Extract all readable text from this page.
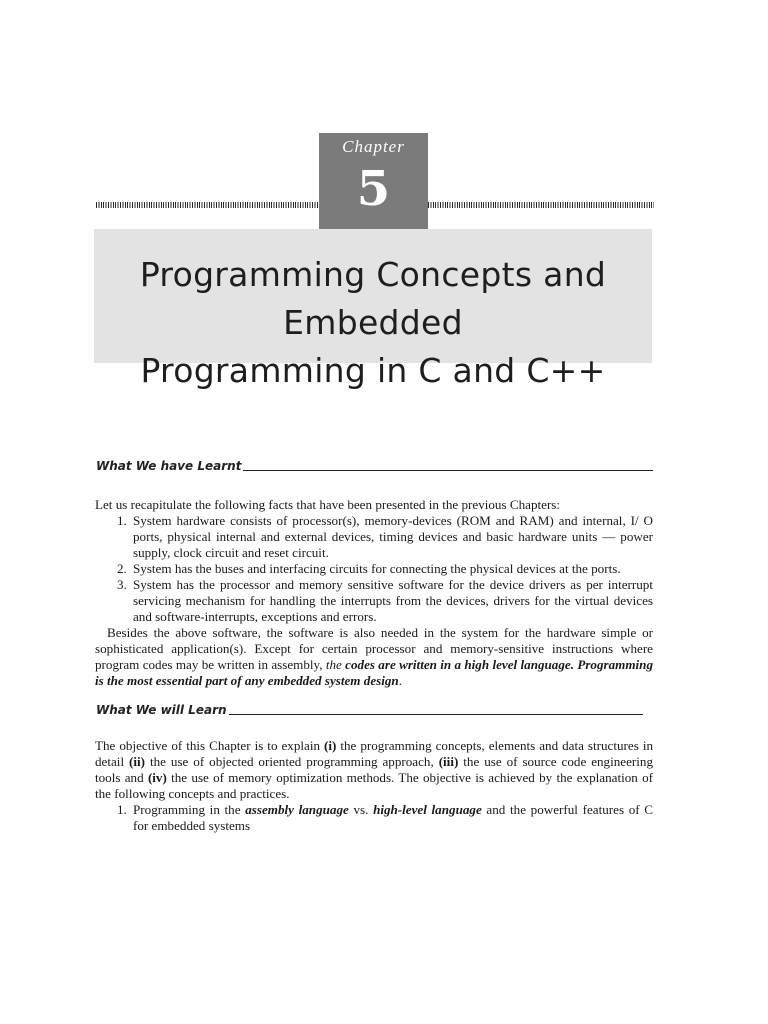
Chapter
5
Programming Concepts and Embedded
Programming in C and C++
What We have Learnt

Let us recapitulate the following facts that have been presented in the previous Chapters:

1. System hardware consists of processor(s), memory-devices (ROM and RAM) and internal, I/ O ports, physical internal and external devices, timing devices and basic hardware units — power supply, clock circuit and reset circuit.
2. System has the buses and interfacing circuits for connecting the physical devices at the ports.
3. System has the processor and memory sensitive software for the device drivers as per interrupt servicing mechanism for handling the interrupts from the devices, drivers for the virtual devices and software-interrupts, exceptions and errors.

Besides the above software, the software is also needed in the system for the hardware simple or sophisticated application(s). Except for certain processor and memory-sensitive instructions where program codes may be written in assembly, the codes are written in a high level language. Programming is the most essential part of any embedded system design.

What We will Learn

The objective of this Chapter is to explain (i) the programming concepts, elements and data structures in detail (ii) the use of objected oriented programming approach, (iii) the use of source code engineering tools and (iv) the use of memory optimization methods. The objective is achieved by the explanation of the following concepts and practices.

1. Programming in the assembly language vs. high-level language and the powerful features of C for embedded systems
